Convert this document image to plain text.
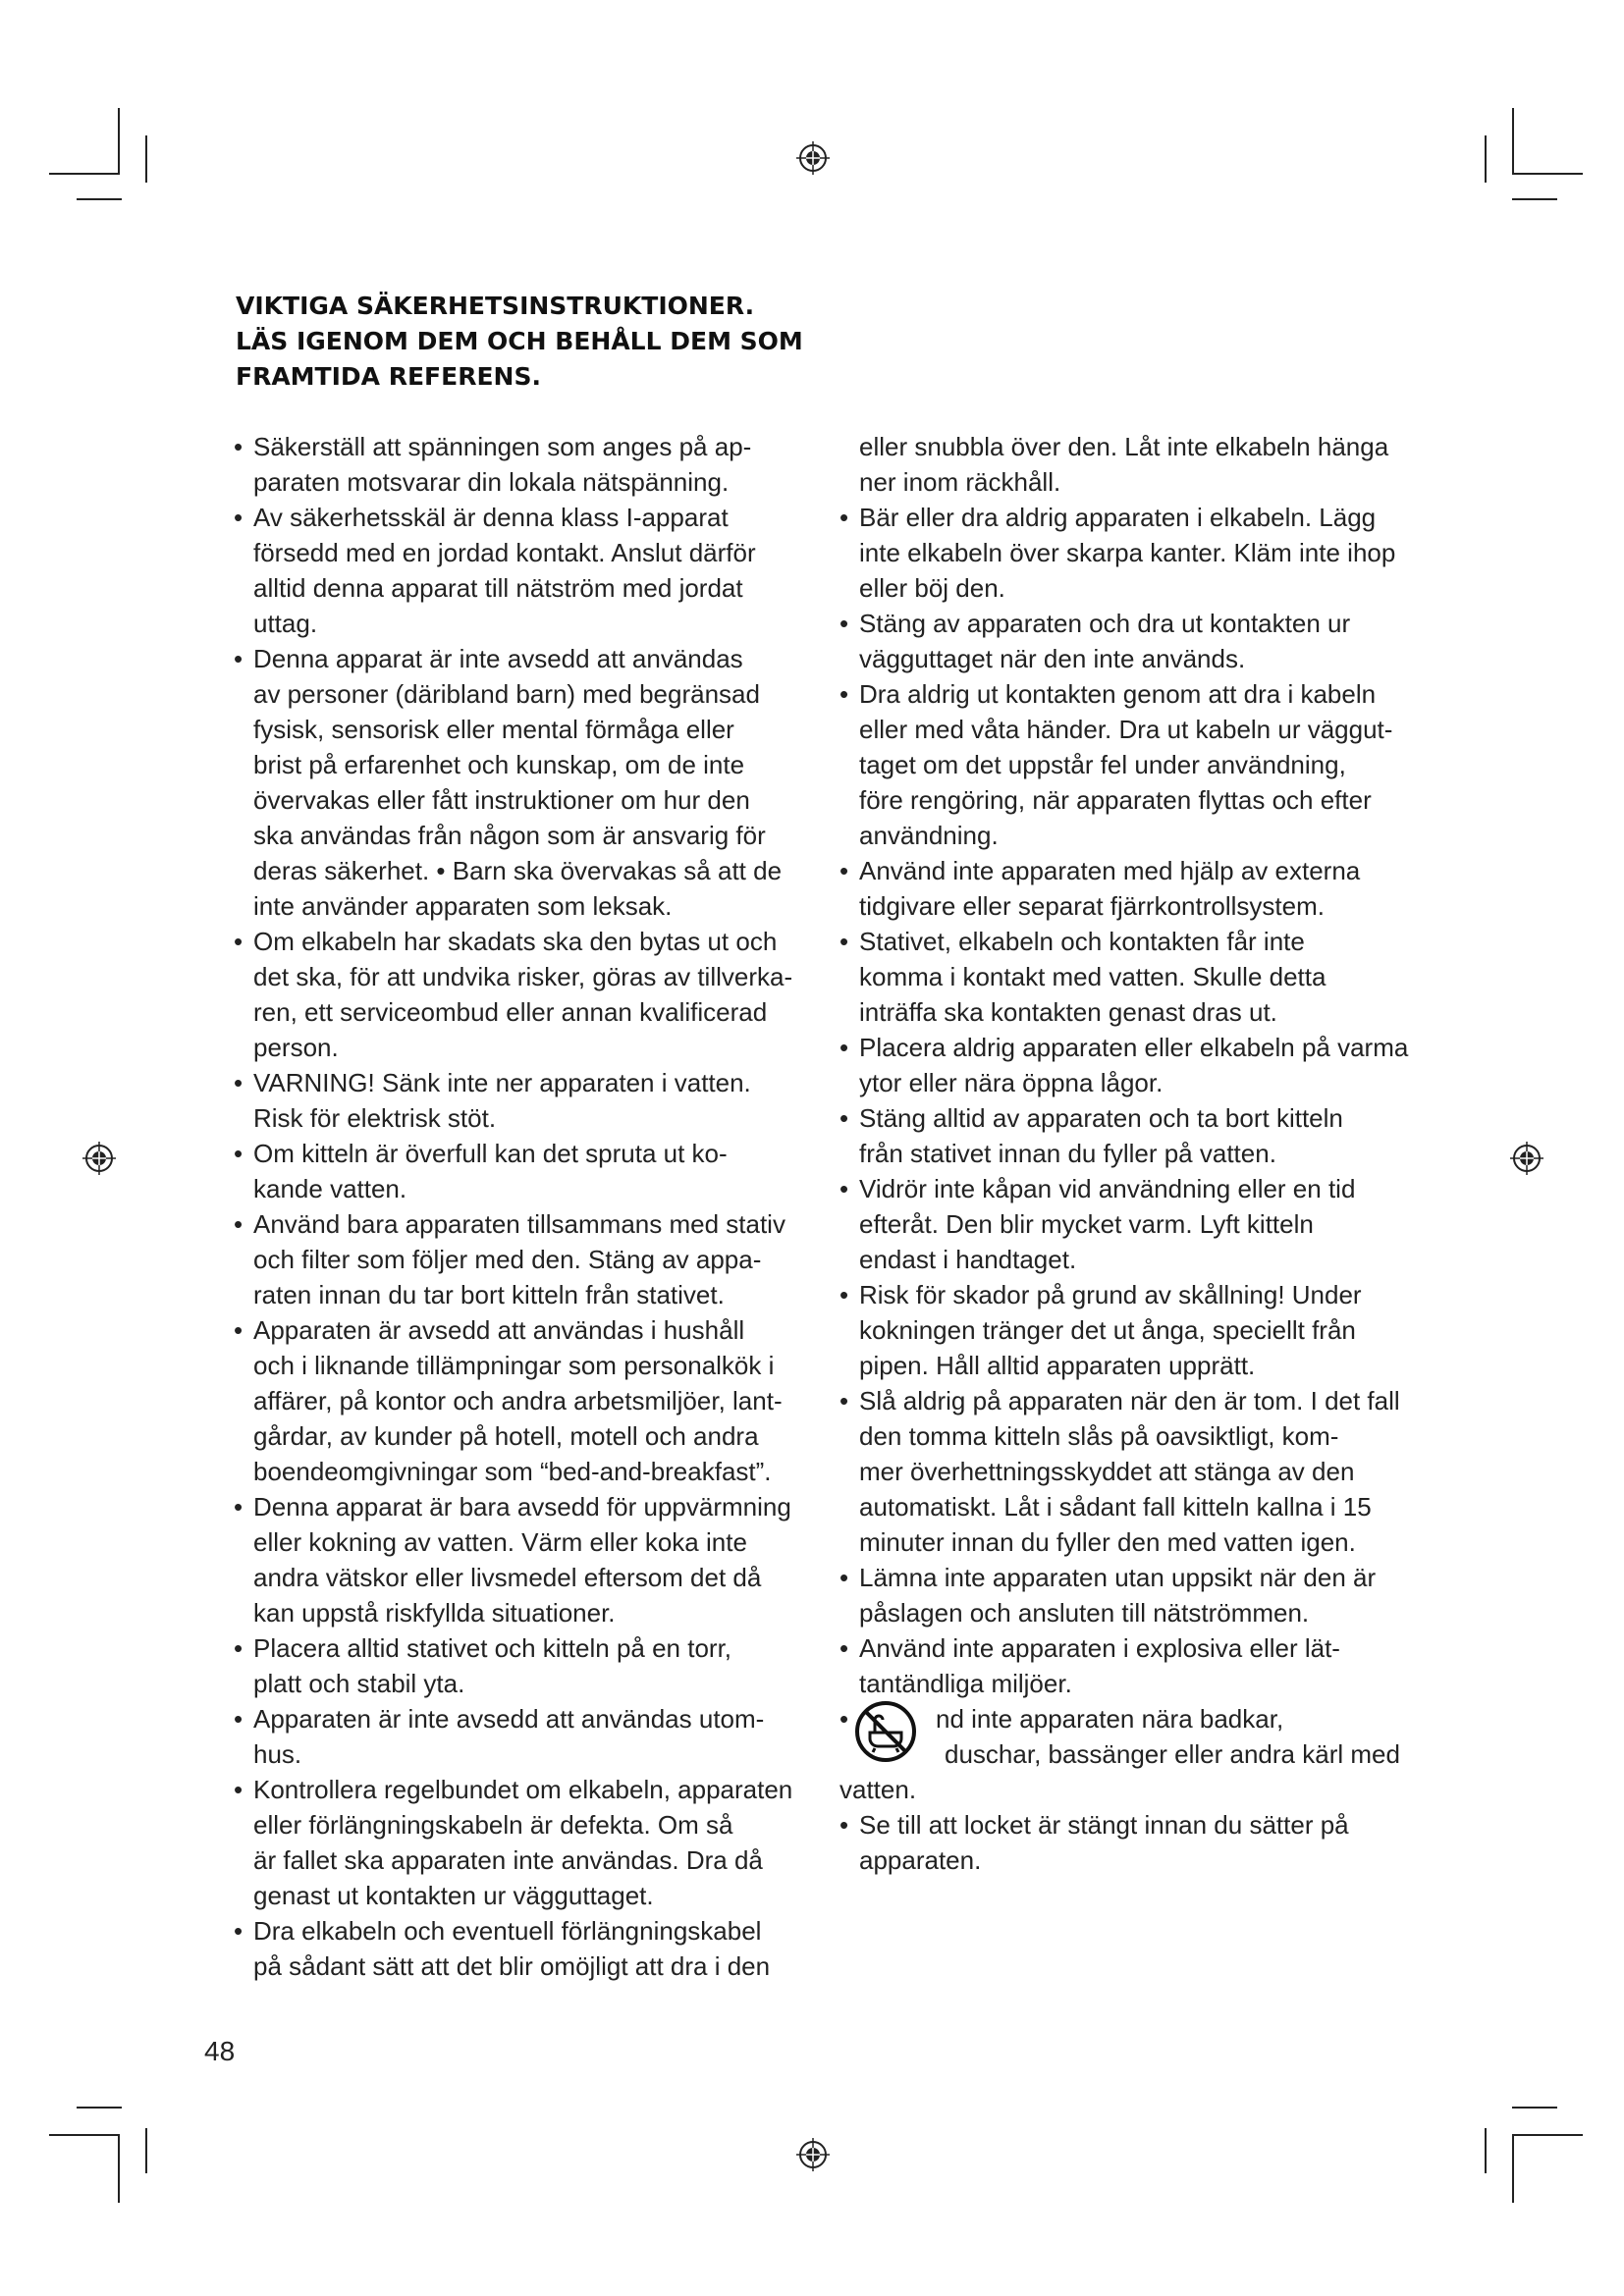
VIKTIGA SÄKERHETSINSTRUKTIONER.
LÄS IGENOM DEM OCH BEHÅLL DEM SOM
FRAMTIDA REFERENS.
• Säkerställ att spänningen som anges på ap-
paraten motsvarar din lokala nätspänning.
• Av säkerhetsskäl är denna klass I-apparat
försedd med en jordad kontakt. Anslut därför
alltid denna apparat till nätström med jordat
uttag.
• Denna apparat är inte avsedd att användas
av personer (däribland barn) med begränsad
fysisk, sensorisk eller mental förmåga eller
brist på erfarenhet och kunskap, om de inte
övervakas eller fått instruktioner om hur den
ska användas från någon som är ansvarig för
deras säkerhet. • Barn ska övervakas så att de
inte använder apparaten som leksak.
• Om elkabeln har skadats ska den bytas ut och
det ska, för att undvika risker, göras av tillverka-
ren, ett serviceombud eller annan kvalificerad
person.
• VARNING! Sänk inte ner apparaten i vatten.
Risk för elektrisk stöt.
• Om kitteln är överfull kan det spruta ut ko-
kande vatten.
• Använd bara apparaten tillsammans med stativ
och filter som följer med den. Stäng av appa-
raten innan du tar bort kitteln från stativet.
• Apparaten är avsedd att användas i hushåll
och i liknande tillämpningar som personalkök i
affärer, på kontor och andra arbetsmiljöer, lant-
gårdar, av kunder på hotell, motell och andra
boendeomgivningar som “bed-and-breakfast”.
• Denna apparat är bara avsedd för uppvärmning
eller kokning av vatten. Värm eller koka inte
andra vätskor eller livsmedel eftersom det då
kan uppstå riskfyllda situationer.
• Placera alltid stativet och kitteln på en torr,
platt och stabil yta.
• Apparaten är inte avsedd att användas utom-
hus.
• Kontrollera regelbundet om elkabeln, apparaten
eller förlängningskabeln är defekta. Om så
är fallet ska apparaten inte användas. Dra då
genast ut kontakten ur vägguttaget.
• Dra elkabeln och eventuell förlängningskabel
på sådant sätt att det blir omöjligt att dra i den
eller snubbla över den. Låt inte elkabeln hänga
ner inom räckhåll.
• Bär eller dra aldrig apparaten i elkabeln. Lägg
inte elkabeln över skarpa kanter. Kläm inte ihop
eller böj den.
• Stäng av apparaten och dra ut kontakten ur
vägguttaget när den inte används.
• Dra aldrig ut kontakten genom att dra i kabeln
eller med våta händer. Dra ut kabeln ur väggut-
taget om det uppstår fel under användning,
före rengöring, när apparaten flyttas och efter
användning.
• Använd inte apparaten med hjälp av externa
tidgivare eller separat fjärrkontrollsystem.
• Stativet, elkabeln och kontakten får inte
komma i kontakt med vatten. Skulle detta
inträffa ska kontakten genast dras ut.
• Placera aldrig apparaten eller elkabeln på varma
ytor eller nära öppna lågor.
• Stäng alltid av apparaten och ta bort kitteln
från stativet innan du fyller på vatten.
• Vidrör inte kåpan vid användning eller en tid
efteråt. Den blir mycket varm. Lyft kitteln
endast i handtaget.
• Risk för skador på grund av skållning! Under
kokningen tränger det ut ånga, speciellt från
pipen. Håll alltid apparaten upprätt.
• Slå aldrig på apparaten när den är tom. I det fall
den tomma kitteln slås på oavsiktligt, kom-
mer överhettningsskyddet att stänga av den
automatiskt. Låt i sådant fall kitteln kallna i 15
minuter innan du fyller den med vatten igen.
• Lämna inte apparaten utan uppsikt när den är
påslagen och ansluten till nätströmmen.
• Använd inte apparaten i explosiva eller lät-
tantändliga miljöer.
• nd inte apparaten nära badkar,
duschar, bassänger eller andra kärl med
vatten.
• Se till att locket är stängt innan du sätter på
apparaten.
48
